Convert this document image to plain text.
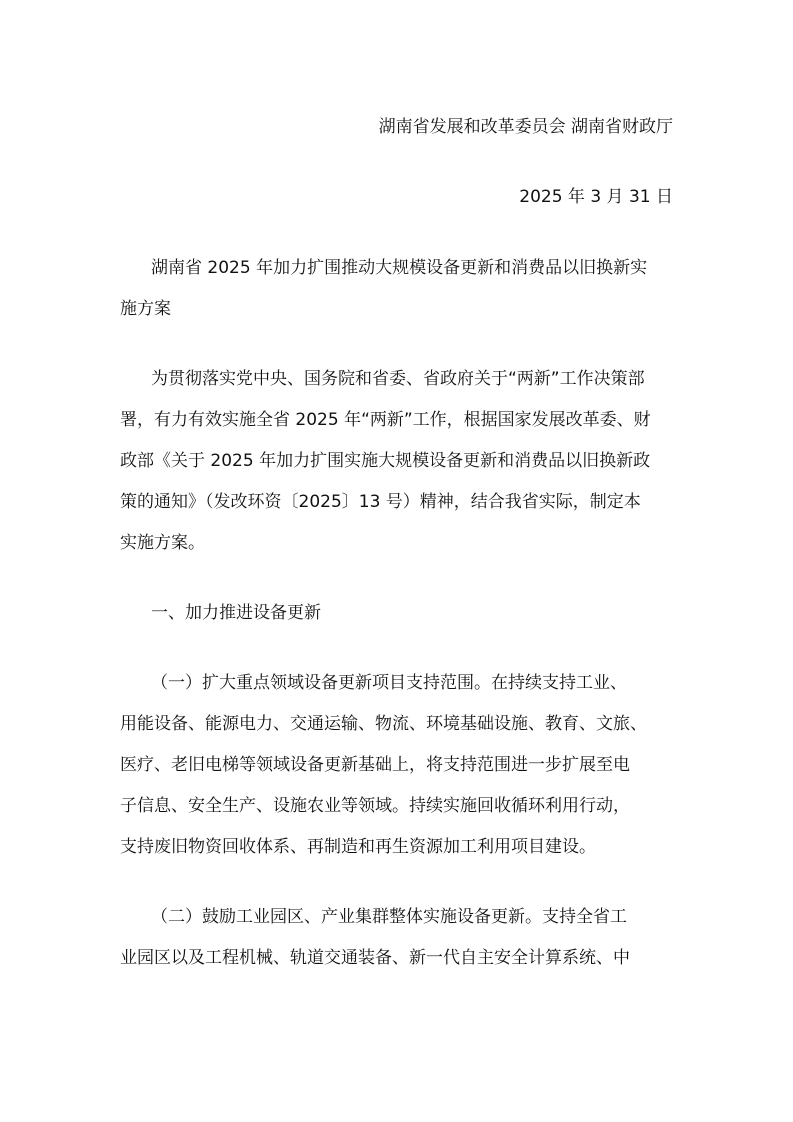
湖南省发展和改革委员会 湖南省财政厅
2025 年 3 月 31 日
湖南省 2025 年加力扩围推动大规模设备更新和消费品以旧换新实
施方案
为贯彻落实党中央、国务院和省委、省政府关于“两新”工作决策部
署，有力有效实施全省 2025 年“两新”工作，根据国家发展改革委、财
政部《关于 2025 年加力扩围实施大规模设备更新和消费品以旧换新政
策的通知》（发改环资〔2025〕13 号）精神，结合我省实际，制定本
实施方案。
一、加力推进设备更新
（一）扩大重点领域设备更新项目支持范围。在持续支持工业、
用能设备、能源电力、交通运输、物流、环境基础设施、教育、文旅、
医疗、老旧电梯等领域设备更新基础上，将支持范围进一步扩展至电
子信息、安全生产、设施农业等领域。持续实施回收循环利用行动，
支持废旧物资回收体系、再制造和再生资源加工利用项目建设。
（二）鼓励工业园区、产业集群整体实施设备更新。支持全省工
业园区以及工程机械、轨道交通装备、新一代自主安全计算系统、中
